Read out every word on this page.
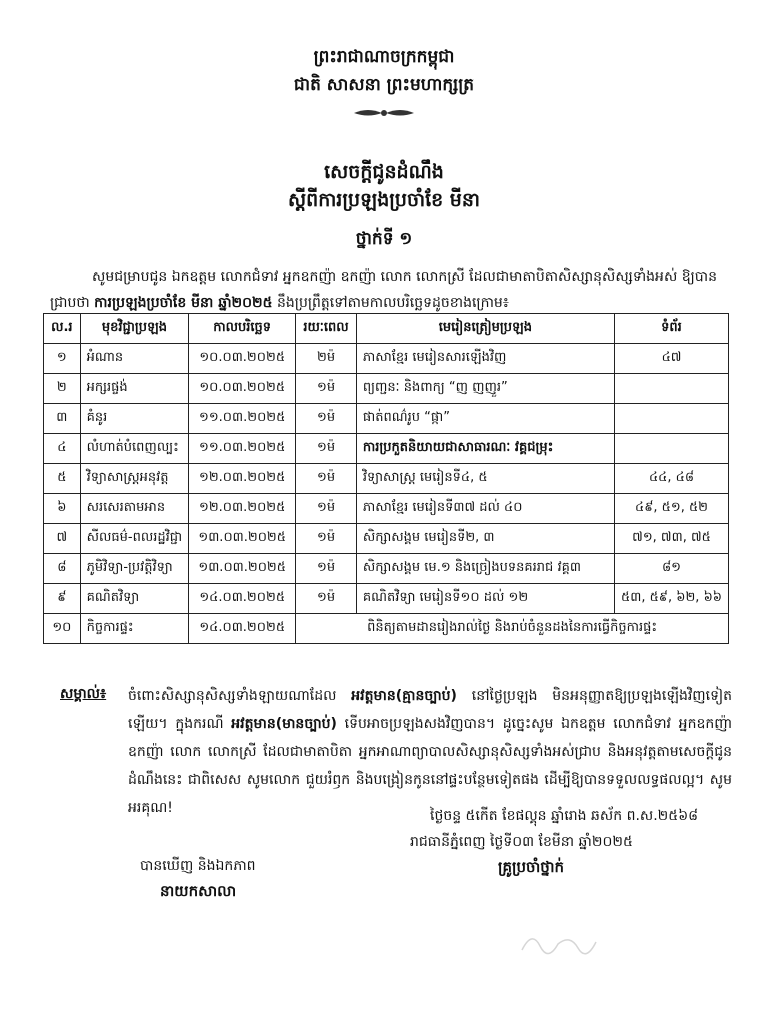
ព្រះរាជាណាចក្រកម្ពុជា
ជាតិ សាសនា ព្រះមហាក្សត្រ
សេចក្តីជូនដំណឹង
ស្តីពីការប្រឡងប្រចាំខែ មីនា
ថ្នាក់ទី ១
សូមជម្រាបជូន ឯកឧត្តម លោកជំទាវ អ្នកឧកញ៉ា ឧកញ៉ា លោក លោកស្រី ដែលជាមាតាបិតាសិស្សានុសិស្សទាំងអស់ ឱ្យបានជ្រាបថា ការប្រឡងប្រចាំខែ មីនា ឆ្នាំ២០២៥ នឹងប្រព្រឹត្តទៅតាមកាលបរិច្ឆេទដូចខាងក្រោម៖
ល.រ	មុខវិជ្ជាប្រឡង	កាលបរិច្ឆេទ	រយៈពេល	មេរៀនត្រៀមប្រឡង	ទំព័រ
១	អំណាន	១០.០៣.២០២៥	២ម៉	ភាសាខ្មែរ មេរៀនសារឡើងវិញ	៤៧
២	អក្សរផ្ចង់	១០.០៣.២០២៥	១ម៉	ព្យញ្ជនៈ និងពាក្យ “ញ ញញួរ”	
៣	គំនូរ	១១.០៣.២០២៥	១ម៉	ផាត់ពណ៌រូប “ផ្កា”	
៤	លំហាត់បំពេញល្បះ	១១.០៣.២០២៥	១ម៉	ការប្រកួតនិយាយជាសាធារណៈ វគ្គជម្រុះ	
៥	វិទ្យាសាស្ត្រអនុវត្ត	១២.០៣.២០២៥	១ម៉	វិទ្យាសាស្ត្រ មេរៀនទី៤, ៥	៤៤, ៤៨
៦	សរសេរតាមអាន	១២.០៣.២០២៥	១ម៉	ភាសាខ្មែរ មេរៀនទី៣៧ ដល់ ៤០	៤៩, ៥១, ៥២
៧	សីលធម៌-ពលរដ្ឋវិជ្ជា	១៣.០៣.២០២៥	១ម៉	សិក្សាសង្គម មេរៀនទី២, ៣	៧១, ៧៣, ៧៥
៨	ភូមិវិទ្យា-ប្រវត្តិវិទ្យា	១៣.០៣.២០២៥	១ម៉	សិក្សាសង្គម មេ.១ និងច្រៀងបទនគររាជ វគ្គ៣	៨១
៩	គណិតវិទ្យា	១៤.០៣.២០២៥	១ម៉	គណិតវិទ្យា មេរៀនទី១០ ដល់ ១២	៥៣, ៥៩, ៦២, ៦៦
១០	កិច្ចការផ្ទះ	១៤.០៣.២០២៥	ពិនិត្យតាមដានរៀងរាល់ថ្ងៃ និងរាប់ចំនួនដងនៃការធ្វើកិច្ចការផ្ទះ		
សម្គាល់៖ ចំពោះសិស្សានុសិស្សទាំងឡាយណាដែល អវត្តមាន(គ្មានច្បាប់) នៅថ្ងៃប្រឡង មិនអនុញ្ញាតឱ្យប្រឡងឡើងវិញទៀតឡើយ។ ក្នុងករណី អវត្តមាន(មានច្បាប់) ទើបអាចប្រឡងសងវិញបាន។ ដូច្នេះសូម ឯកឧត្តម លោកជំទាវ អ្នកឧកញ៉ា ឧកញ៉ា លោក លោកស្រី ដែលជាមាតាបិតា អ្នកអាណាព្យាបាលសិស្សានុសិស្សទាំងអស់ជ្រាប និងអនុវត្តតាមសេចក្តីជូនដំណឹងនេះ ជាពិសេស សូមលោក ជួយរំឭក និងបង្រៀនកូននៅផ្ទះបន្ថែមទៀតផង ដើម្បីឱ្យបានទទួលលទ្ធផលល្អ។ សូមអរគុណ!	ថ្ងៃចន្ទ ៥កើត ខែផល្គុន ឆ្នាំរោង ឆស័ក ព.ស.២៥៦៨
រាជធានីភ្នំពេញ ថ្ងៃទី០៣ ខែមីនា ឆ្នាំ២០២៥
គ្រូប្រចាំថ្នាក់
បានឃើញ និងឯកភាព
នាយកសាលា
